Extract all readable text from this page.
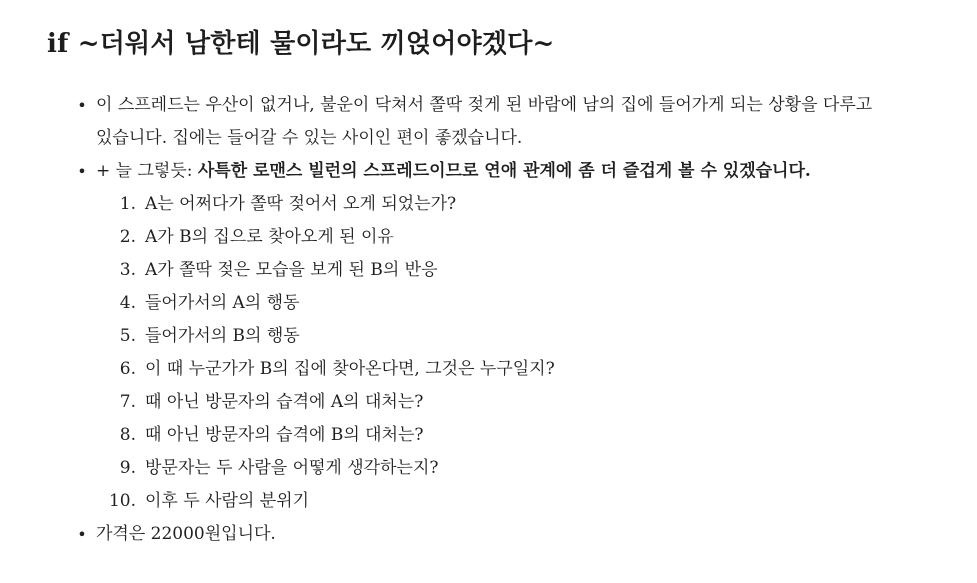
if ~더워서 남한테 물이라도 끼얹어야겠다~
• 이 스프레드는 우산이 없거나, 불운이 닥쳐서 쫄딱 젖게 된 바람에 남의 집에 들어가게 되는 상황을 다루고 있습니다. 집에는 들어갈 수 있는 사이인 편이 좋겠습니다.
• + 늘 그렇듯: 사특한 로맨스 빌런의 스프레드이므로 연애 관계에 좀 더 즐겁게 볼 수 있겠습니다.
1. A는 어쩌다가 쫄딱 젖어서 오게 되었는가?
2. A가 B의 집으로 찾아오게 된 이유
3. A가 쫄딱 젖은 모습을 보게 된 B의 반응
4. 들어가서의 A의 행동
5. 들어가서의 B의 행동
6. 이 때 누군가가 B의 집에 찾아온다면, 그것은 누구일지?
7. 때 아닌 방문자의 습격에 A의 대처는?
8. 때 아닌 방문자의 습격에 B의 대처는?
9. 방문자는 두 사람을 어떻게 생각하는지?
10. 이후 두 사람의 분위기
• 가격은 22000원입니다.
